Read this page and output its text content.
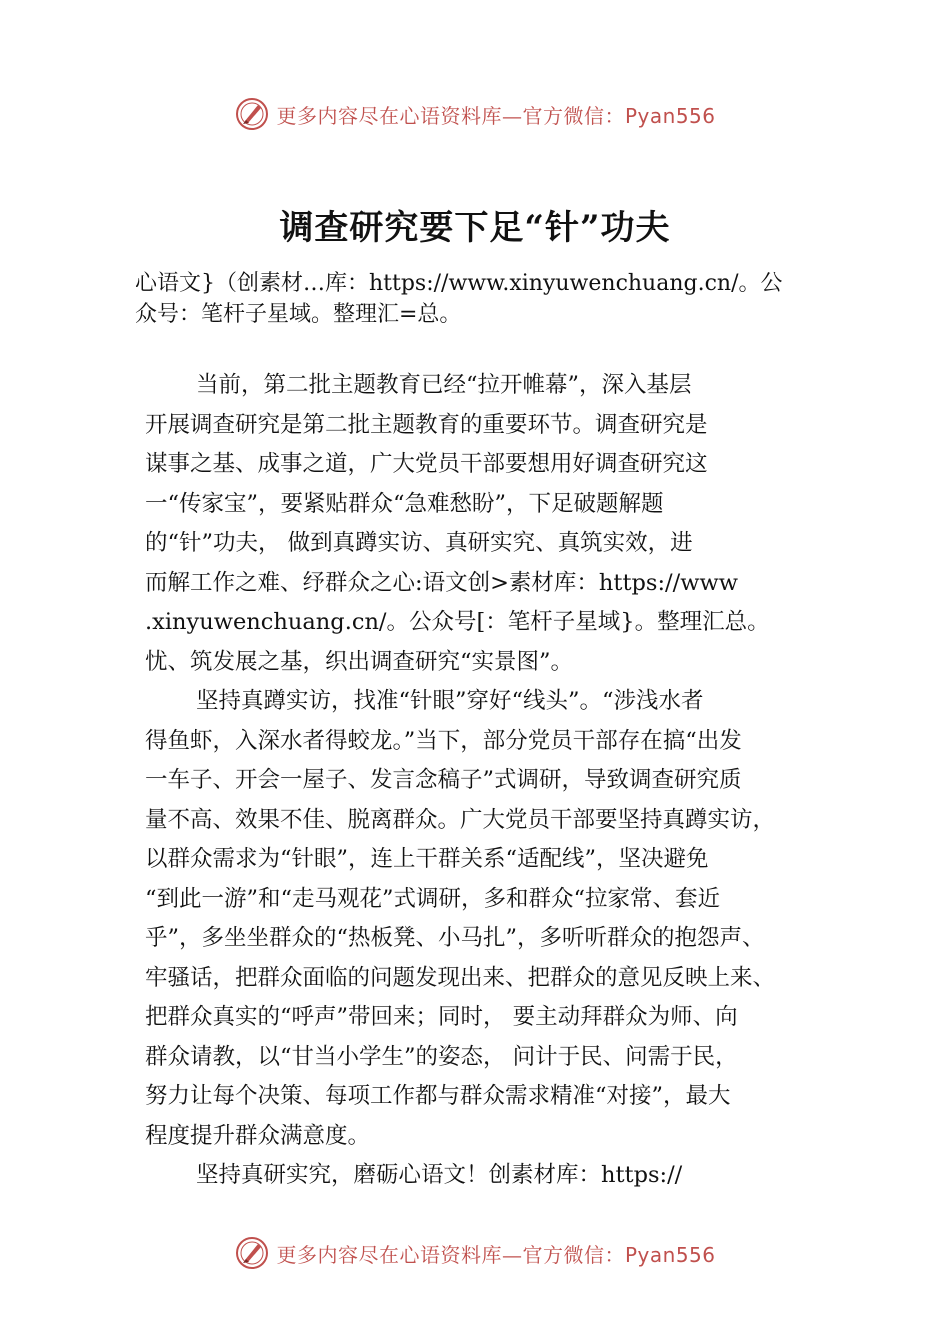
更多内容尽在心语资料库—官方微信：Pyan556
调查研究要下足“针”功夫
心语文}（创素材…库：https://www.xinyuwenchuang.cn/。公
众号：笔杆子星域。整理汇=总。
当前，第二批主题教育已经“拉开帷幕”，深入基层
开展调查研究是第二批主题教育的重要环节。调查研究是
谋事之基、成事之道，广大党员干部要想用好调查研究这
一“传家宝”，要紧贴群众“急难愁盼”，下足破题解题
的“针”功夫， 做到真蹲实访、真研实究、真筑实效，进
而解工作之难、纾群众之心:语文创>素材库：https://www
.xinyuwenchuang.cn/。公众号[：笔杆子星域}。整理汇总。
忧、筑发展之基，织出调查研究“实景图”。
坚持真蹲实访，找准“针眼”穿好“线头”。“涉浅水者
得鱼虾，入深水者得蛟龙。”当下，部分党员干部存在搞“出发
一车子、开会一屋子、发言念稿子”式调研，导致调查研究质
量不高、效果不佳、脱离群众。广大党员干部要坚持真蹲实访，
以群众需求为“针眼”，连上干群关系“适配线”，坚决避免
“到此一游”和“走马观花”式调研，多和群众“拉家常、套近
乎”，多坐坐群众的“热板凳、小马扎”，多听听群众的抱怨声、
牢骚话，把群众面临的问题发现出来、把群众的意见反映上来、
把群众真实的“呼声”带回来；同时， 要主动拜群众为师、向
群众请教，以“甘当小学生”的姿态， 问计于民、问需于民，
努力让每个决策、每项工作都与群众需求精准“对接”，最大
程度提升群众满意度。
坚持真研实究，磨砺心语文！创素材库：https://
更多内容尽在心语资料库—官方微信：Pyan556
